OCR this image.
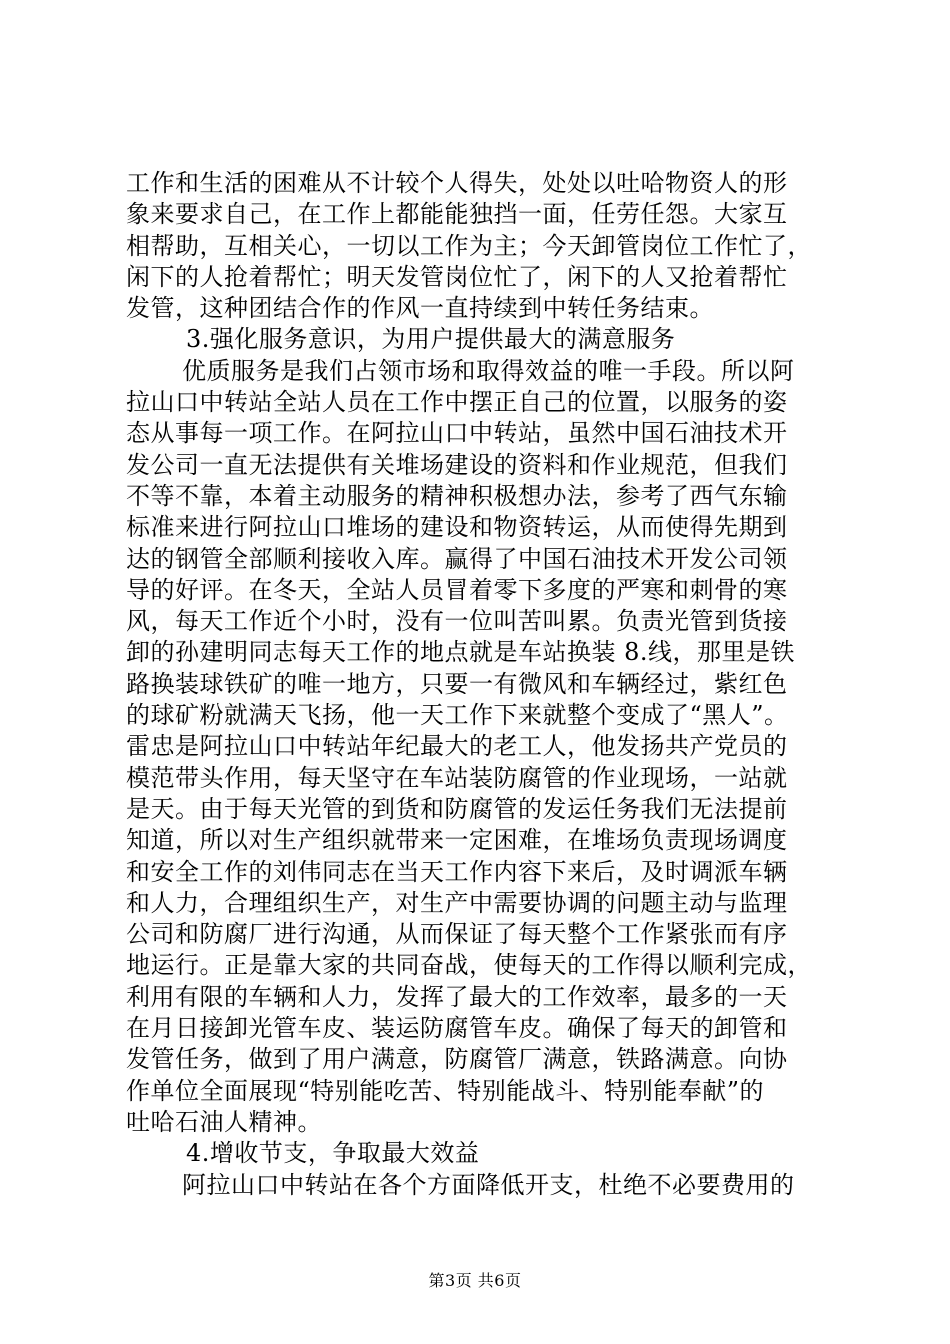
工作和生活的困难从不计较个人得失，处处以吐哈物资人的形
象来要求自己，在工作上都能能独挡一面，任劳任怨。大家互
相帮助，互相关心，一切以工作为主；今天卸管岗位工作忙了，
闲下的人抢着帮忙；明天发管岗位忙了，闲下的人又抢着帮忙
发管，这种团结合作的作风一直持续到中转任务结束。
3.强化服务意识，为用户提供最大的满意服务
优质服务是我们占领市场和取得效益的唯一手段。所以阿
拉山口中转站全站人员在工作中摆正自己的位置，以服务的姿
态从事每一项工作。在阿拉山口中转站，虽然中国石油技术开
发公司一直无法提供有关堆场建设的资料和作业规范，但我们
不等不靠，本着主动服务的精神积极想办法，参考了西气东输
标准来进行阿拉山口堆场的建设和物资转运，从而使得先期到
达的钢管全部顺利接收入库。赢得了中国石油技术开发公司领
导的好评。在冬天，全站人员冒着零下多度的严寒和刺骨的寒
风，每天工作近个小时，没有一位叫苦叫累。负责光管到货接
卸的孙建明同志每天工作的地点就是车站换装 8.线，那里是铁
路换装球铁矿的唯一地方，只要一有微风和车辆经过，紫红色
的球矿粉就满天飞扬，他一天工作下来就整个变成了“黑人”。
雷忠是阿拉山口中转站年纪最大的老工人，他发扬共产党员的
模范带头作用，每天坚守在车站装防腐管的作业现场，一站就
是天。由于每天光管的到货和防腐管的发运任务我们无法提前
知道，所以对生产组织就带来一定困难，在堆场负责现场调度
和安全工作的刘伟同志在当天工作内容下来后，及时调派车辆
和人力，合理组织生产，对生产中需要协调的问题主动与监理
公司和防腐厂进行沟通，从而保证了每天整个工作紧张而有序
地运行。正是靠大家的共同奋战，使每天的工作得以顺利完成，
利用有限的车辆和人力，发挥了最大的工作效率，最多的一天
在月日接卸光管车皮、装运防腐管车皮。确保了每天的卸管和
发管任务，做到了用户满意，防腐管厂满意，铁路满意。向协
作单位全面展现“特别能吃苦、特别能战斗、特别能奉献”的
吐哈石油人精神。
4.增收节支，争取最大效益
阿拉山口中转站在各个方面降低开支，杜绝不必要费用的
第3页 共6页
